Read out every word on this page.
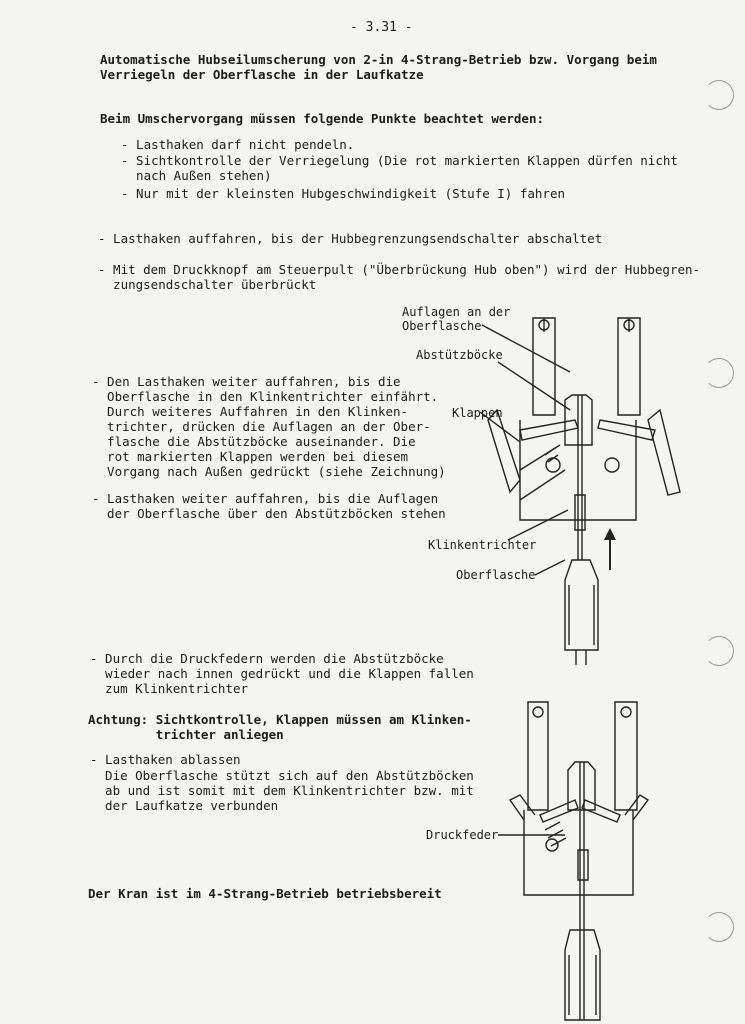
- 3.31 -
Automatische Hubseilumscherung von 2-in 4-Strang-Betrieb bzw. Vorgang beim
Verriegeln der Oberflasche in der Laufkatze
Beim Umschervorgang müssen folgende Punkte beachtet werden:
- Lasthaken darf nicht pendeln.
- Sichtkontrolle der Verriegelung (Die rot markierten Klappen dürfen nicht
nach Außen stehen)
- Nur mit der kleinsten Hubgeschwindigkeit (Stufe I) fahren
- Lasthaken auffahren, bis der Hubbegrenzungsendschalter abschaltet
- Mit dem Druckknopf am Steuerpult ("Überbrückung Hub oben") wird der Hubbegren-
zungsendschalter überbrückt
- Den Lasthaken weiter auffahren, bis die
Oberflasche in den Klinkentrichter einfährt.
Durch weiteres Auffahren in den Klinken-
trichter, drücken die Auflagen an der Ober-
flasche die Abstützböcke auseinander. Die
rot markierten Klappen werden bei diesem
Vorgang nach Außen gedrückt (siehe Zeichnung)
- Lasthaken weiter auffahren, bis die Auflagen
der Oberflasche über den Abstützböcken stehen
- Durch die Druckfedern werden die Abstützböcke
wieder nach innen gedrückt und die Klappen fallen
zum Klinkentrichter
Achtung: Sichtkontrolle, Klappen müssen am Klinken-
trichter anliegen
- Lasthaken ablassen
Die Oberflasche stützt sich auf den Abstützböcken
ab und ist somit mit dem Klinkentrichter bzw. mit
der Laufkatze verbunden
Der Kran ist im 4-Strang-Betrieb betriebsbereit
Auflagen an der
Oberflasche
Abstützböcke
Klappen
Klinkentrichter
Oberflasche
Druckfeder
